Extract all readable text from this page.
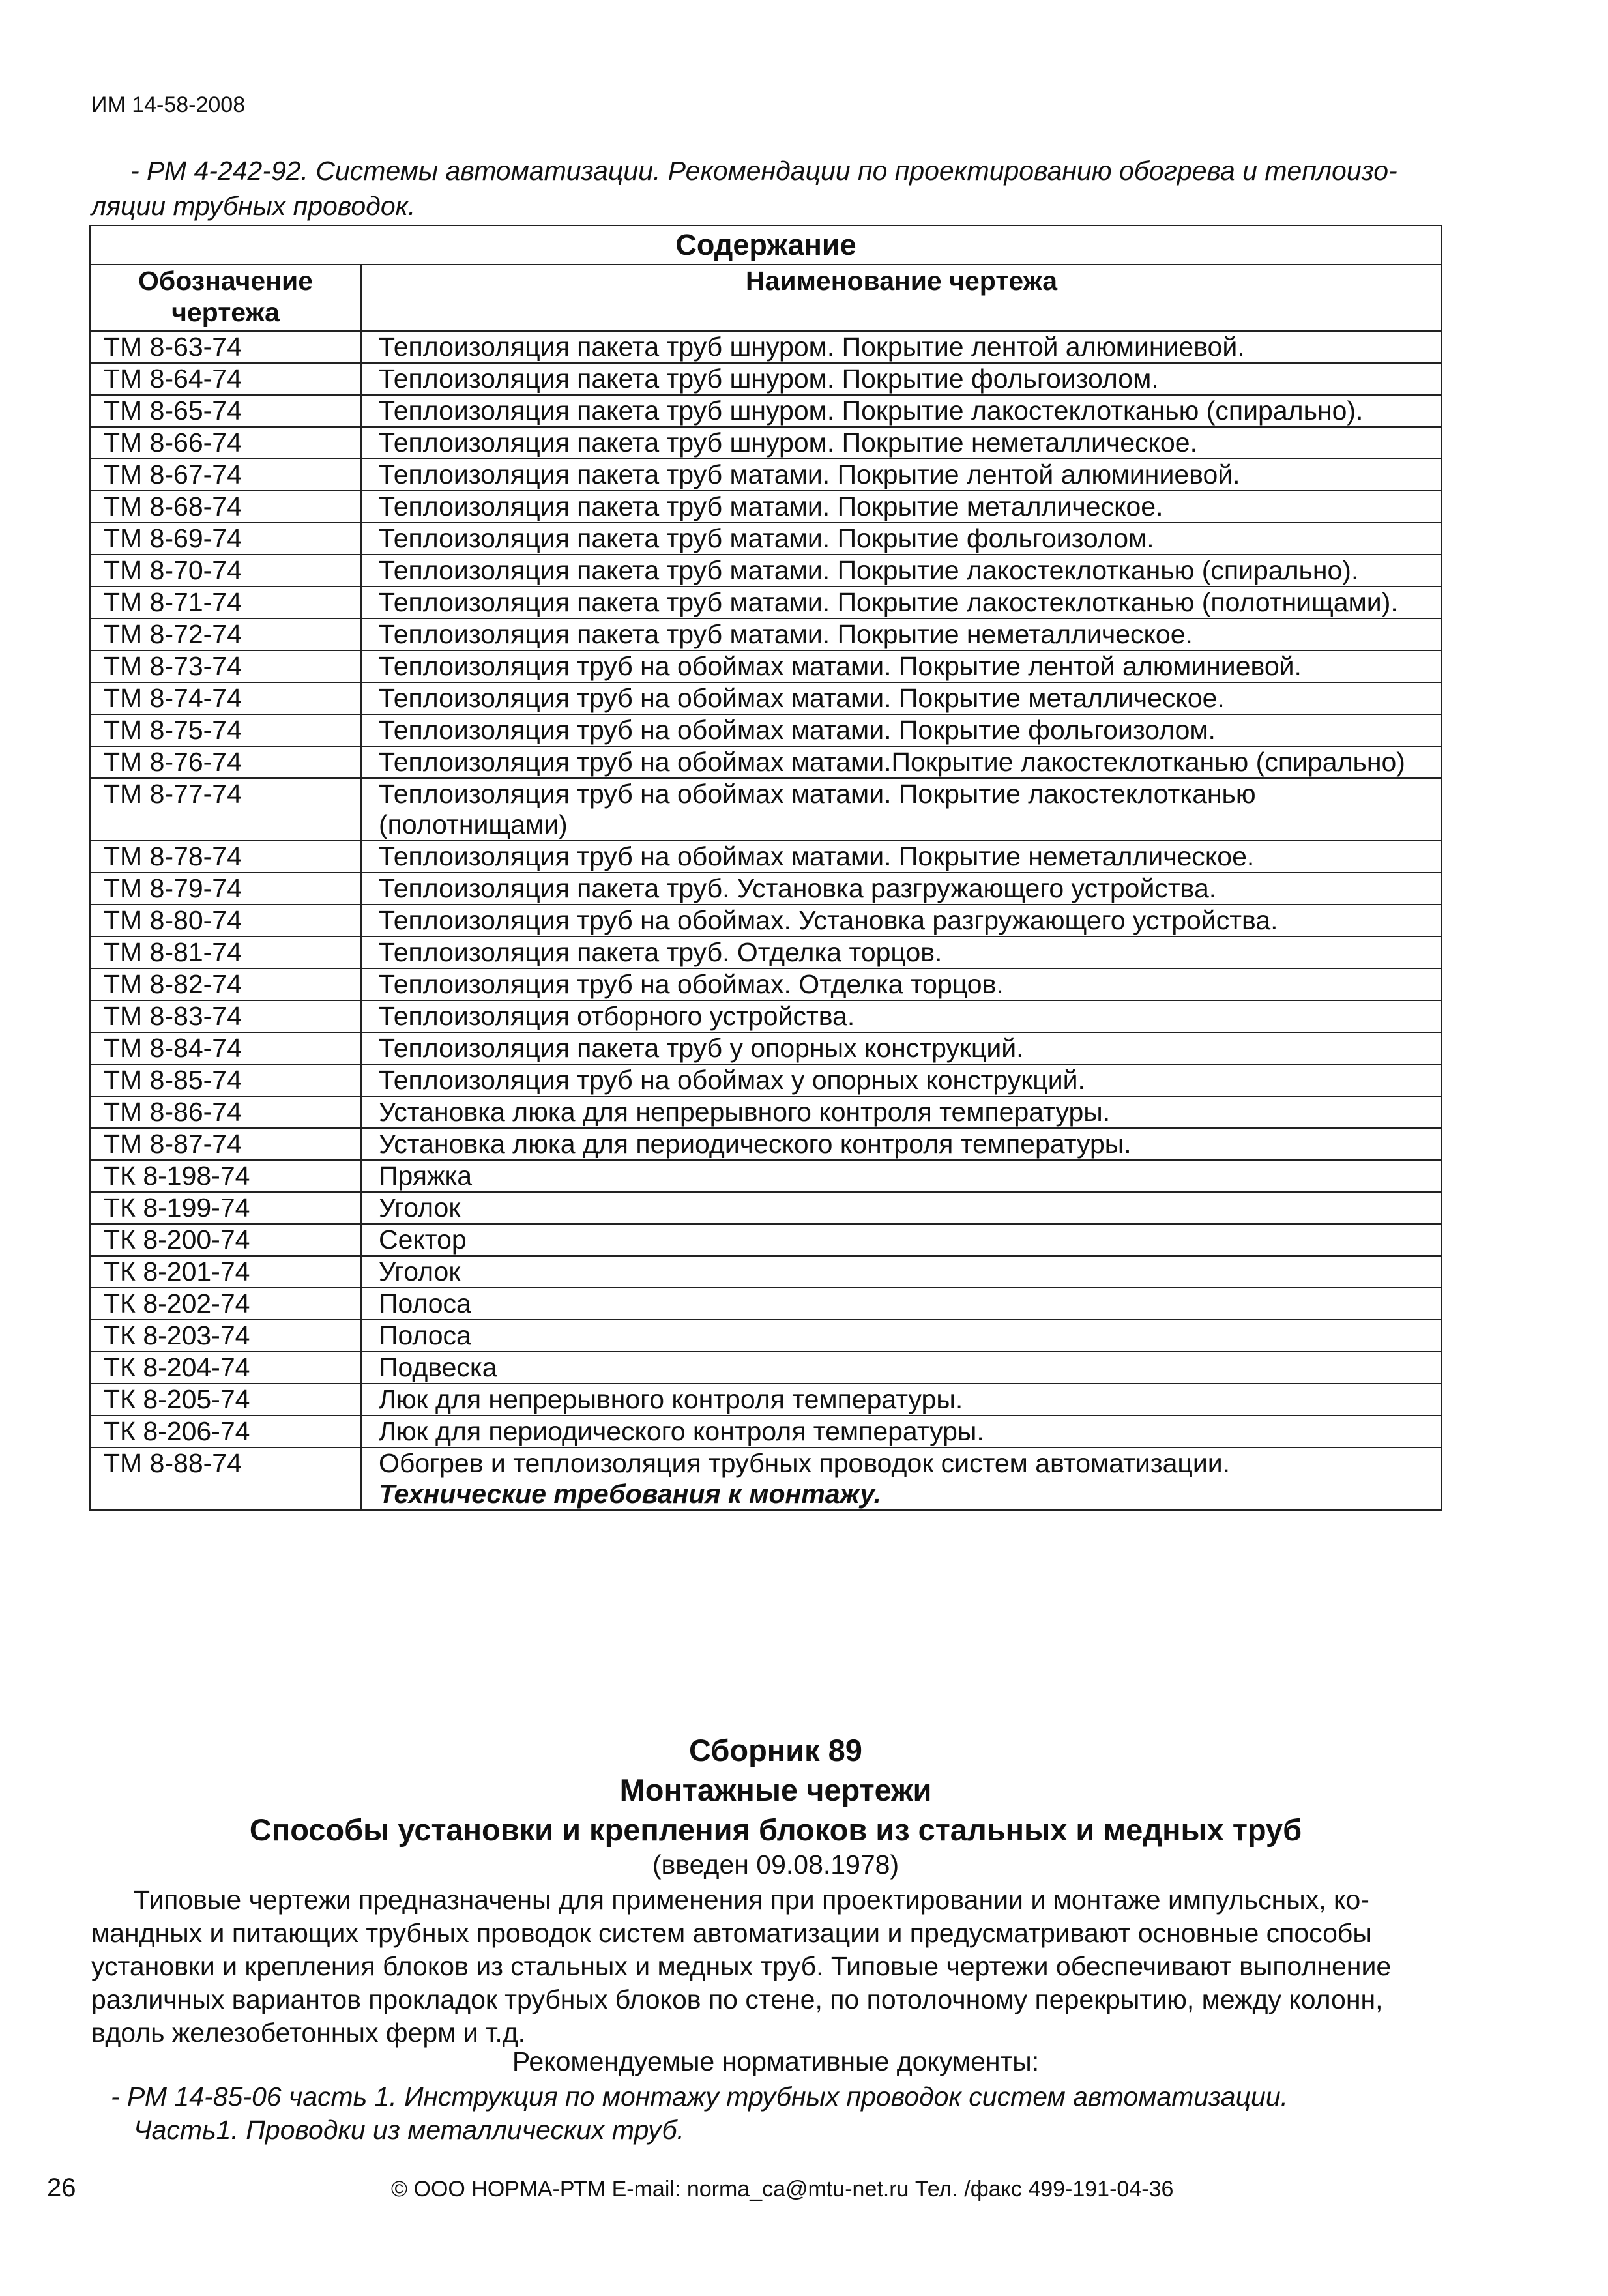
ИМ 14-58-2008
- РМ 4-242-92. Системы автоматизации. Рекомендации по проектированию обогрева и теплоизо-
ляции трубных проводок.
Содержание	
Обозначение чертежа	Наименование чертежа
ТМ 8-63-74	Теплоизоляция пакета труб шнуром. Покрытие лентой алюминиевой.
ТМ 8-64-74	Теплоизоляция пакета труб шнуром. Покрытие фольгоизолом.
ТМ 8-65-74	Теплоизоляция пакета труб шнуром. Покрытие лакостеклотканью (спирально).
ТМ 8-66-74	Теплоизоляция пакета труб шнуром. Покрытие неметаллическое.
ТМ 8-67-74	Теплоизоляция пакета труб матами. Покрытие лентой алюминиевой.
ТМ 8-68-74	Теплоизоляция пакета труб матами. Покрытие металлическое.
ТМ 8-69-74	Теплоизоляция пакета труб матами. Покрытие фольгоизолом.
ТМ 8-70-74	Теплоизоляция пакета труб матами. Покрытие лакостеклотканью (спирально).
ТМ 8-71-74	Теплоизоляция пакета труб матами. Покрытие лакостеклотканью (полотнищами).
ТМ 8-72-74	Теплоизоляция пакета труб матами. Покрытие неметаллическое.
ТМ 8-73-74	Теплоизоляция труб на обоймах матами. Покрытие лентой алюминиевой.
ТМ 8-74-74	Теплоизоляция труб на обоймах матами. Покрытие металлическое.
ТМ 8-75-74	Теплоизоляция труб на обоймах матами. Покрытие фольгоизолом.
ТМ 8-76-74	Теплоизоляция труб на обоймах матами.Покрытие лакостеклотканью (спирально)
ТМ 8-77-74	Теплоизоляция труб на обоймах матами. Покрытие лакостеклотканью (полотнищами)
ТМ 8-78-74	Теплоизоляция труб на обоймах матами. Покрытие неметаллическое.
ТМ 8-79-74	Теплоизоляция пакета труб. Установка разгружающего устройства.
ТМ 8-80-74	Теплоизоляция труб на обоймах. Установка разгружающего устройства.
ТМ 8-81-74	Теплоизоляция пакета труб. Отделка торцов.
ТМ 8-82-74	Теплоизоляция труб на обоймах. Отделка торцов.
ТМ 8-83-74	Теплоизоляция отборного устройства.
ТМ 8-84-74	Теплоизоляция пакета труб у опорных конструкций.
ТМ 8-85-74	Теплоизоляция труб на обоймах у опорных конструкций.
ТМ 8-86-74	Установка люка для непрерывного контроля температуры.
ТМ 8-87-74	Установка люка для периодического контроля температуры.
ТК 8-198-74	Пряжка
ТК 8-199-74	Уголок
ТК 8-200-74	Сектор
ТК 8-201-74	Уголок
ТК 8-202-74	Полоса
ТК 8-203-74	Полоса
ТК 8-204-74	Подвеска
ТК 8-205-74	Люк для непрерывного контроля температуры.
ТК 8-206-74	Люк для периодического контроля температуры.
ТМ 8-88-74	Обогрев и теплоизоляция трубных проводок систем автоматизации.
Технические требования к монтажу.
Сборник 89
Монтажные чертежи
Способы установки и крепления блоков из стальных и медных труб
(введен 09.08.1978)
Типовые чертежи предназначены для применения при проектировании и монтаже импульсных, ко-
мандных и питающих трубных проводок систем автоматизации и предусматривают основные способы
установки и крепления блоков из стальных и медных труб. Типовые чертежи обеспечивают выполнение
различных вариантов прокладок трубных блоков по стене, по потолочному перекрытию, между колонн,
вдоль железобетонных ферм и т.д.
Рекомендуемые нормативные документы:
- РМ 14-85-06 часть 1. Инструкция по монтажу трубных проводок систем автоматизации.
Часть1. Проводки из металлических труб.
26	© ООО НОРМА-РТМ E-mail: norma_ca@mtu-net.ru Тел. /факс 499-191-04-36
